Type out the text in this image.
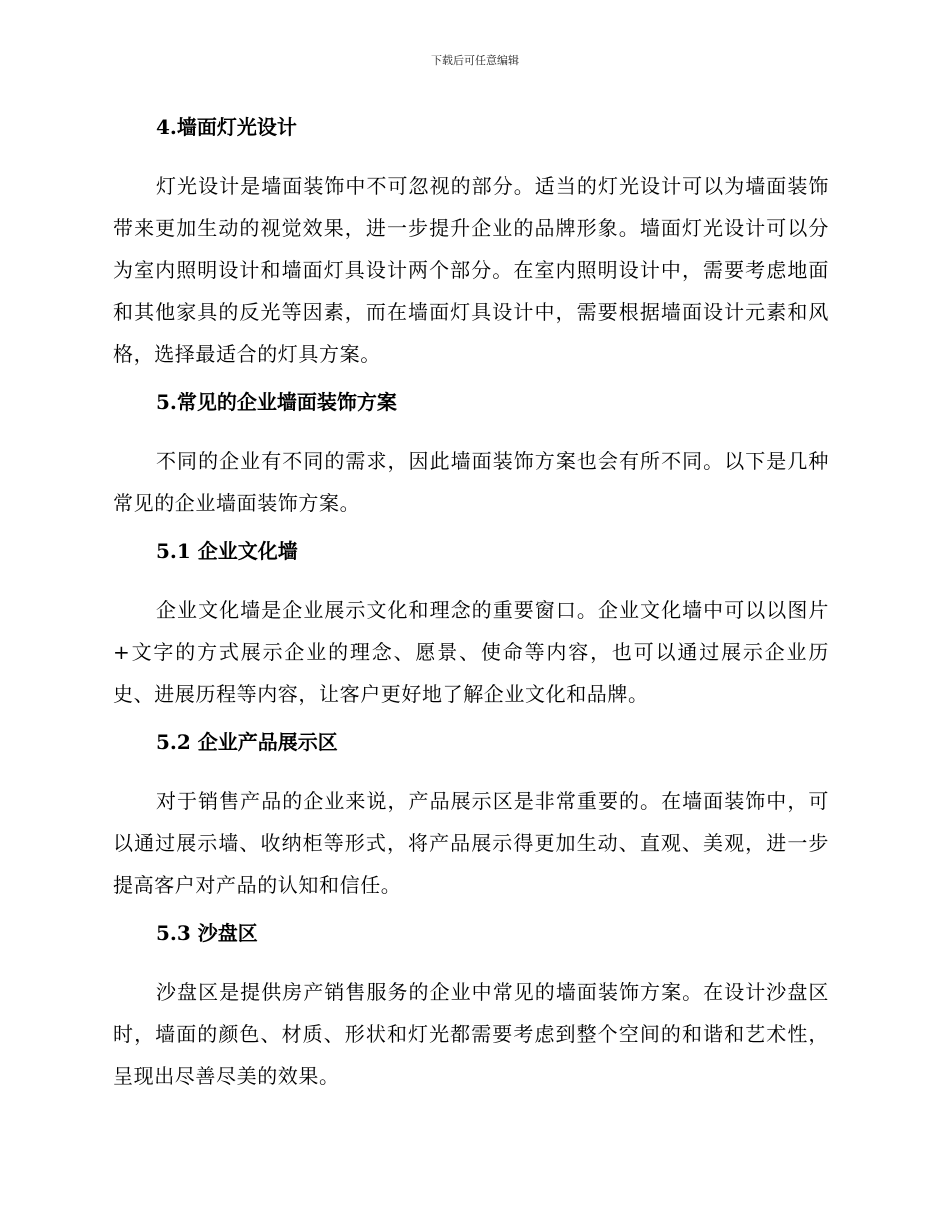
下载后可任意编辑
4.墙面灯光设计

灯光设计是墙面装饰中不可忽视的部分。适当的灯光设计可以为墙面装饰带来更加生动的视觉效果，进一步提升企业的品牌形象。墙面灯光设计可以分为室内照明设计和墙面灯具设计两个部分。在室内照明设计中，需要考虑地面和其他家具的反光等因素，而在墙面灯具设计中，需要根据墙面设计元素和风格，选择最适合的灯具方案。

5.常见的企业墙面装饰方案

不同的企业有不同的需求，因此墙面装饰方案也会有所不同。以下是几种常见的企业墙面装饰方案。

5.1 企业文化墙

企业文化墙是企业展示文化和理念的重要窗口。企业文化墙中可以以图片+文字的方式展示企业的理念、愿景、使命等内容，也可以通过展示企业历史、进展历程等内容，让客户更好地了解企业文化和品牌。

5.2 企业产品展示区

对于销售产品的企业来说，产品展示区是非常重要的。在墙面装饰中，可以通过展示墙、收纳柜等形式，将产品展示得更加生动、直观、美观，进一步提高客户对产品的认知和信任。

5.3 沙盘区

沙盘区是提供房产销售服务的企业中常见的墙面装饰方案。在设计沙盘区时，墙面的颜色、材质、形状和灯光都需要考虑到整个空间的和谐和艺术性，呈现出尽善尽美的效果。
